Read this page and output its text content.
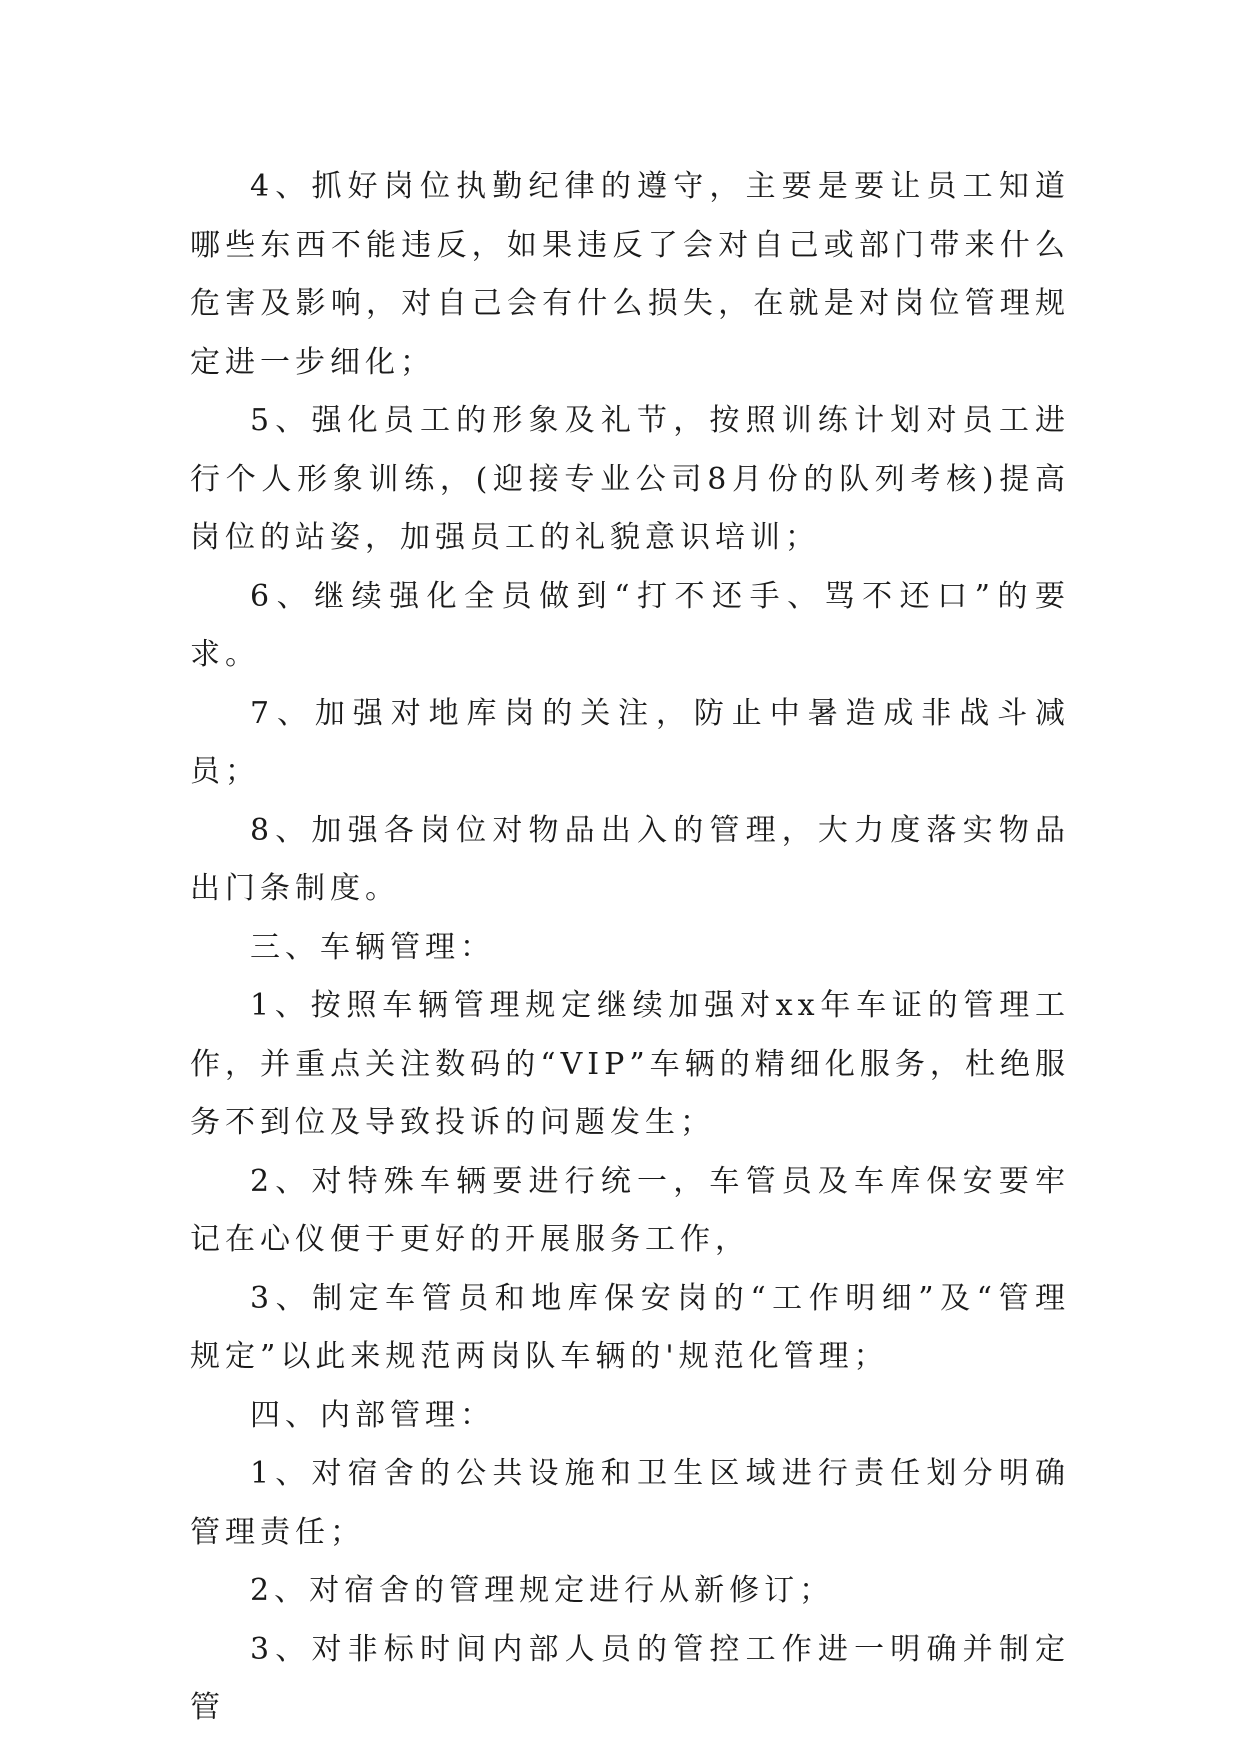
4、抓好岗位执勤纪律的遵守，主要是要让员工知道哪些东西不能违反，如果违反了会对自己或部门带来什么危害及影响，对自己会有什么损失，在就是对岗位管理规定进一步细化；

5、强化员工的形象及礼节，按照训练计划对员工进行个人形象训练，(迎接专业公司8月份的队列考核)提高岗位的站姿，加强员工的礼貌意识培训；

6、继续强化全员做到“打不还手、骂不还口”的要求。

7、加强对地库岗的关注，防止中暑造成非战斗减员；

8、加强各岗位对物品出入的管理，大力度落实物品出门条制度。

三、车辆管理：

1、按照车辆管理规定继续加强对xx年车证的管理工作，并重点关注数码的“VIP”车辆的精细化服务，杜绝服务不到位及导致投诉的问题发生；

2、对特殊车辆要进行统一，车管员及车库保安要牢记在心仪便于更好的开展服务工作，

3、制定车管员和地库保安岗的“工作明细”及“管理规定”以此来规范两岗队车辆的'规范化管理；

四、内部管理：

1、对宿舍的公共设施和卫生区域进行责任划分明确管理责任；

2、对宿舍的管理规定进行从新修订；

3、对非标时间内部人员的管控工作进一明确并制定管
